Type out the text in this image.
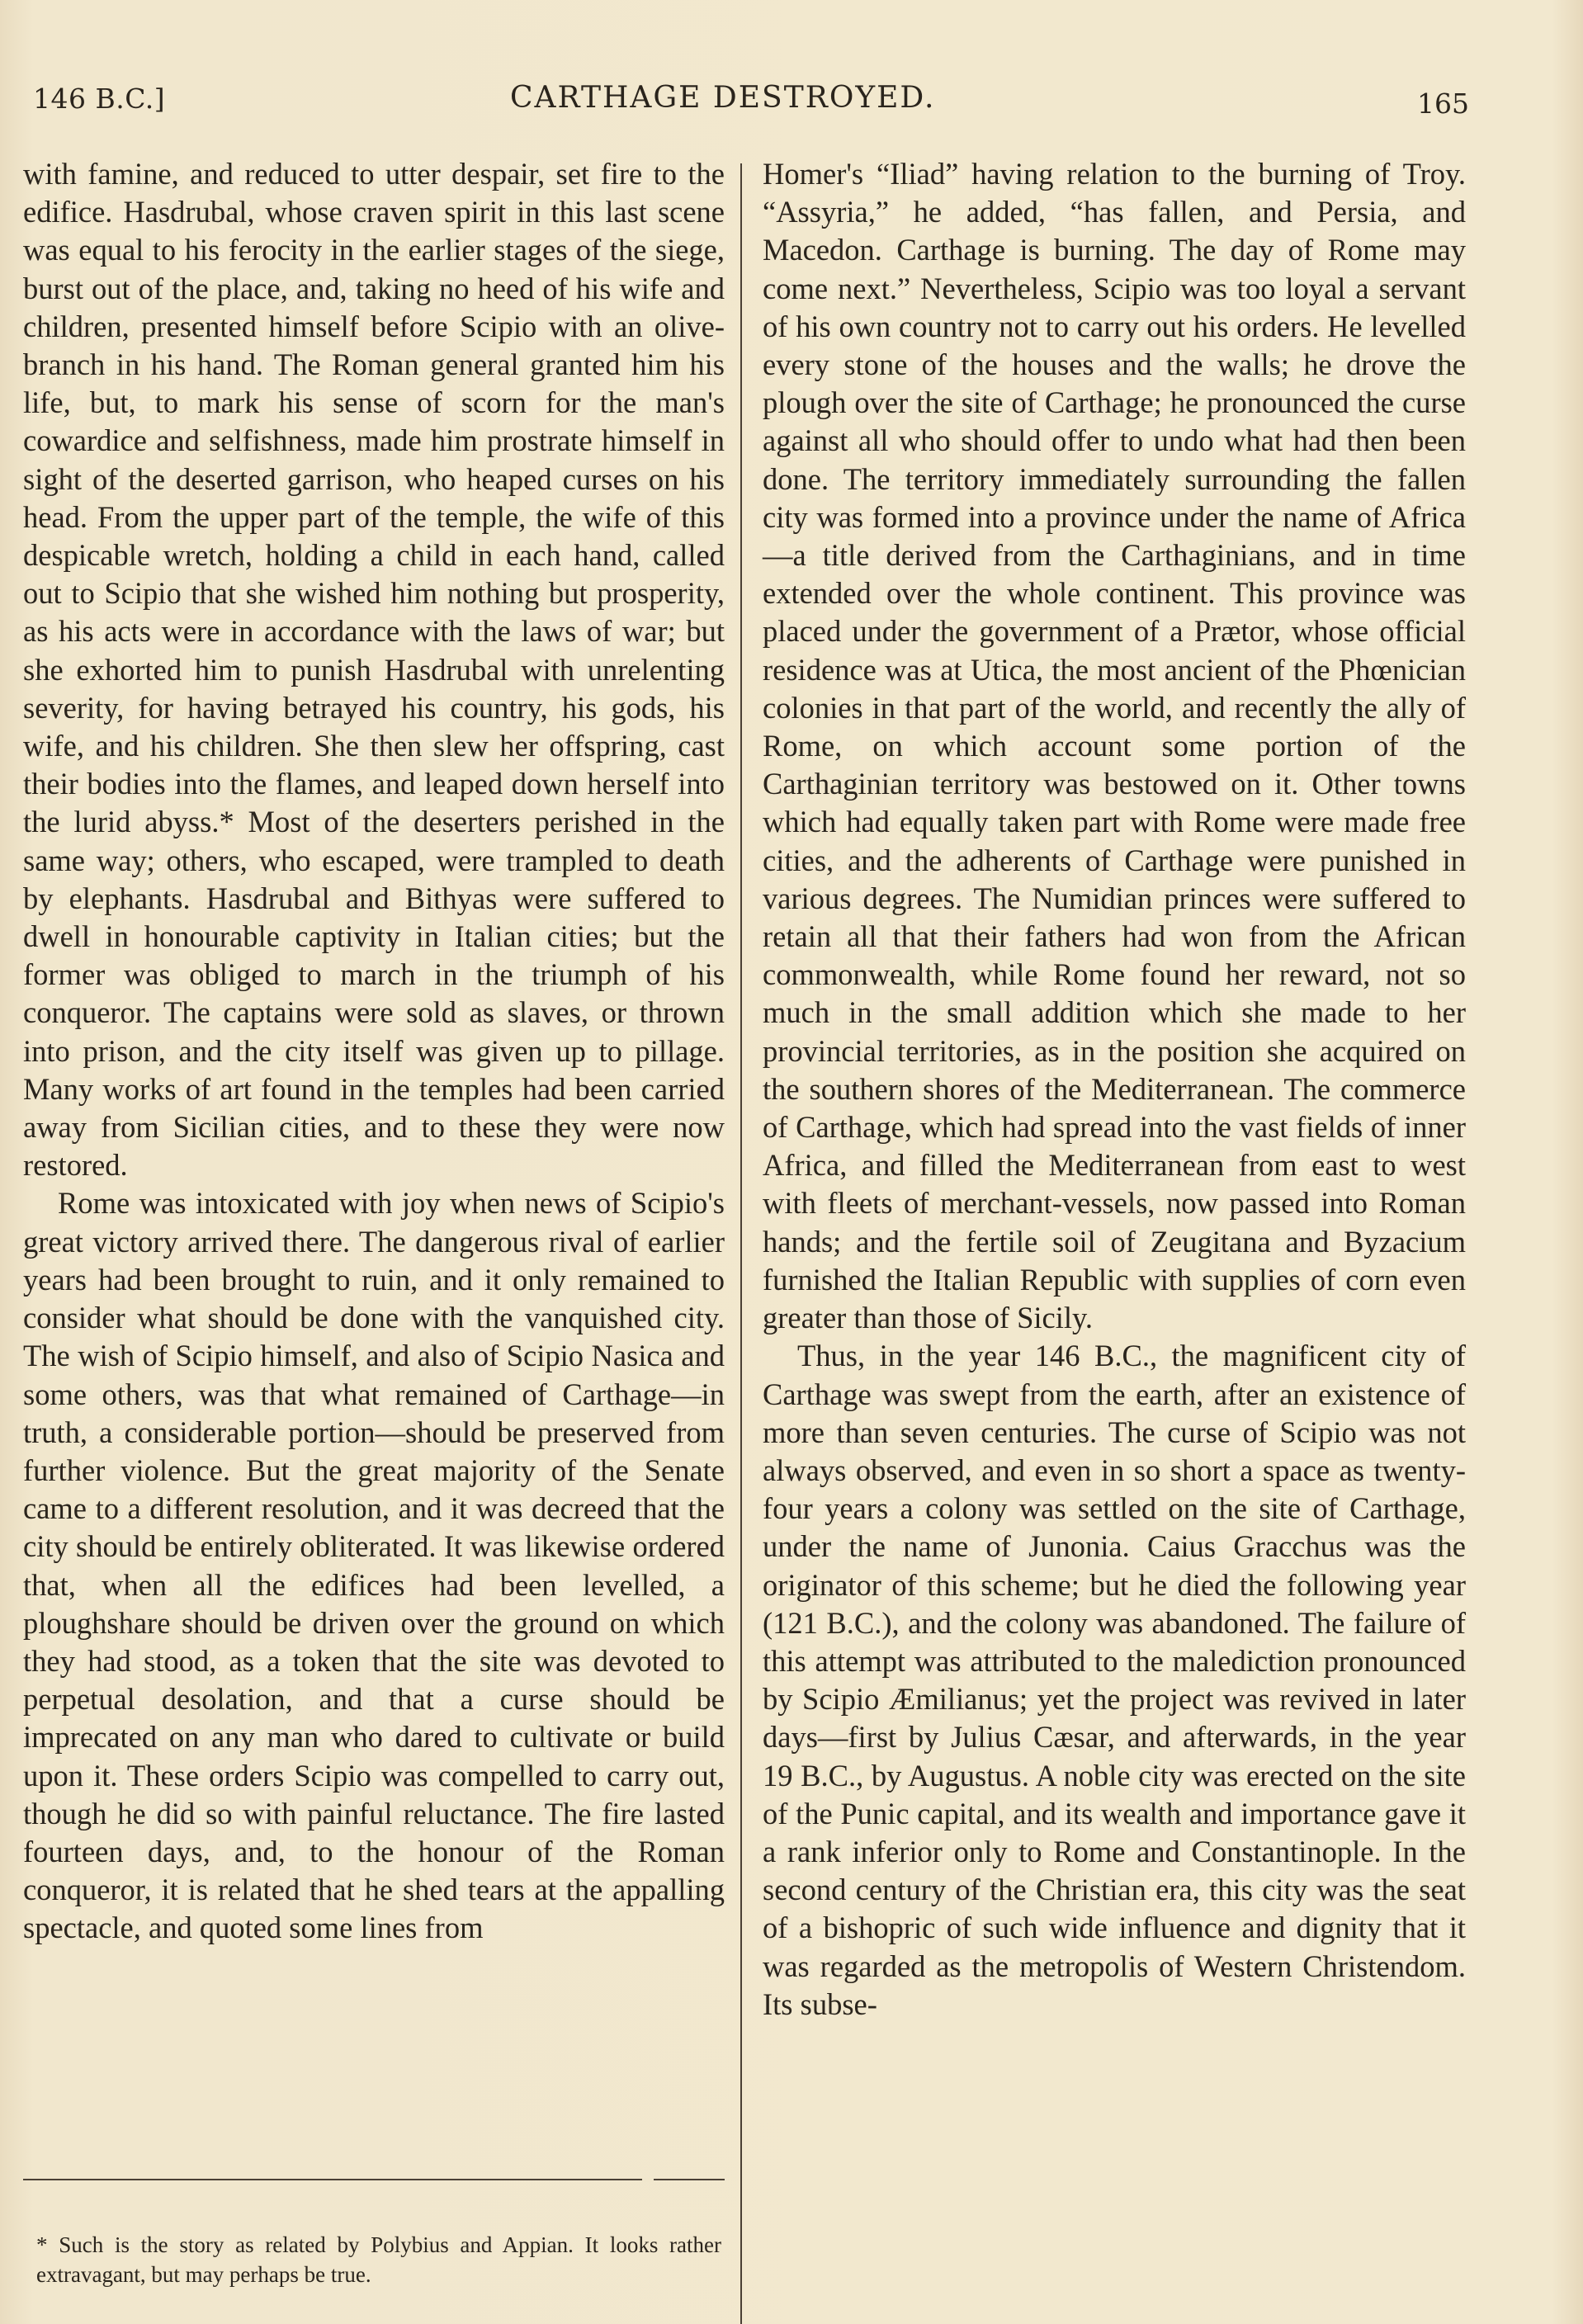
146 B.C.]	CARTHAGE DESTROYED.	165

with famine, and reduced to utter despair, set fire to the edifice. Hasdrubal, whose craven spirit in this last scene was equal to his ferocity in the earlier stages of the siege, burst out of the place, and, taking no heed of his wife and children, presented himself before Scipio with an olive-branch in his hand. The Roman general granted him his life, but, to mark his sense of scorn for the man's cowardice and selfishness, made him prostrate himself in sight of the deserted garrison, who heaped curses on his head. From the upper part of the temple, the wife of this despicable wretch, holding a child in each hand, called out to Scipio that she wished him nothing but prosperity, as his acts were in accordance with the laws of war; but she exhorted him to punish Hasdrubal with unrelenting severity, for having betrayed his country, his gods, his wife, and his children. She then slew her offspring, cast their bodies into the flames, and leaped down herself into the lurid abyss.* Most of the deserters perished in the same way; others, who escaped, were trampled to death by elephants. Hasdrubal and Bithyas were suffered to dwell in honourable captivity in Italian cities; but the former was obliged to march in the triumph of his conqueror. The captains were sold as slaves, or thrown into prison, and the city itself was given up to pillage. Many works of art found in the temples had been carried away from Sicilian cities, and to these they were now restored.

Rome was intoxicated with joy when news of Scipio's great victory arrived there. The dangerous rival of earlier years had been brought to ruin, and it only remained to consider what should be done with the vanquished city. The wish of Scipio himself, and also of Scipio Nasica and some others, was that what remained of Carthage—in truth, a considerable portion—should be preserved from further violence. But the great majority of the Senate came to a different resolution, and it was decreed that the city should be entirely obliterated. It was likewise ordered that, when all the edifices had been levelled, a ploughshare should be driven over the ground on which they had stood, as a token that the site was devoted to perpetual desolation, and that a curse should be imprecated on any man who dared to cultivate or build upon it. These orders Scipio was compelled to carry out, though he did so with painful reluctance. The fire lasted fourteen days, and, to the honour of the Roman conqueror, it is related that he shed tears at the appalling spectacle, and quoted some lines from

Homer's “Iliad” having relation to the burning of Troy. “Assyria,” he added, “has fallen, and Persia, and Macedon. Carthage is burning. The day of Rome may come next.” Nevertheless, Scipio was too loyal a servant of his own country not to carry out his orders. He levelled every stone of the houses and the walls; he drove the plough over the site of Carthage; he pronounced the curse against all who should offer to undo what had then been done. The territory immediately surrounding the fallen city was formed into a province under the name of Africa—a title derived from the Carthaginians, and in time extended over the whole continent. This province was placed under the government of a Prætor, whose official residence was at Utica, the most ancient of the Phœnician colonies in that part of the world, and recently the ally of Rome, on which account some portion of the Carthaginian territory was bestowed on it. Other towns which had equally taken part with Rome were made free cities, and the adherents of Carthage were punished in various degrees. The Numidian princes were suffered to retain all that their fathers had won from the African commonwealth, while Rome found her reward, not so much in the small addition which she made to her provincial territories, as in the position she acquired on the southern shores of the Mediterranean. The commerce of Carthage, which had spread into the vast fields of inner Africa, and filled the Mediterranean from east to west with fleets of merchant-vessels, now passed into Roman hands; and the fertile soil of Zeugitana and Byzacium furnished the Italian Republic with supplies of corn even greater than those of Sicily.

Thus, in the year 146 B.C., the magnificent city of Carthage was swept from the earth, after an existence of more than seven centuries. The curse of Scipio was not always observed, and even in so short a space as twenty-four years a colony was settled on the site of Carthage, under the name of Junonia. Caius Gracchus was the originator of this scheme; but he died the following year (121 B.C.), and the colony was abandoned. The failure of this attempt was attributed to the malediction pronounced by Scipio Æmilianus; yet the project was revived in later days—first by Julius Cæsar, and afterwards, in the year 19 B.C., by Augustus. A noble city was erected on the site of the Punic capital, and its wealth and importance gave it a rank inferior only to Rome and Constantinople. In the second century of the Christian era, this city was the seat of a bishopric of such wide influence and dignity that it was regarded as the metropolis of Western Christendom. Its subse-

* Such is the story as related by Polybius and Appian. It looks rather extravagant, but may perhaps be true.
